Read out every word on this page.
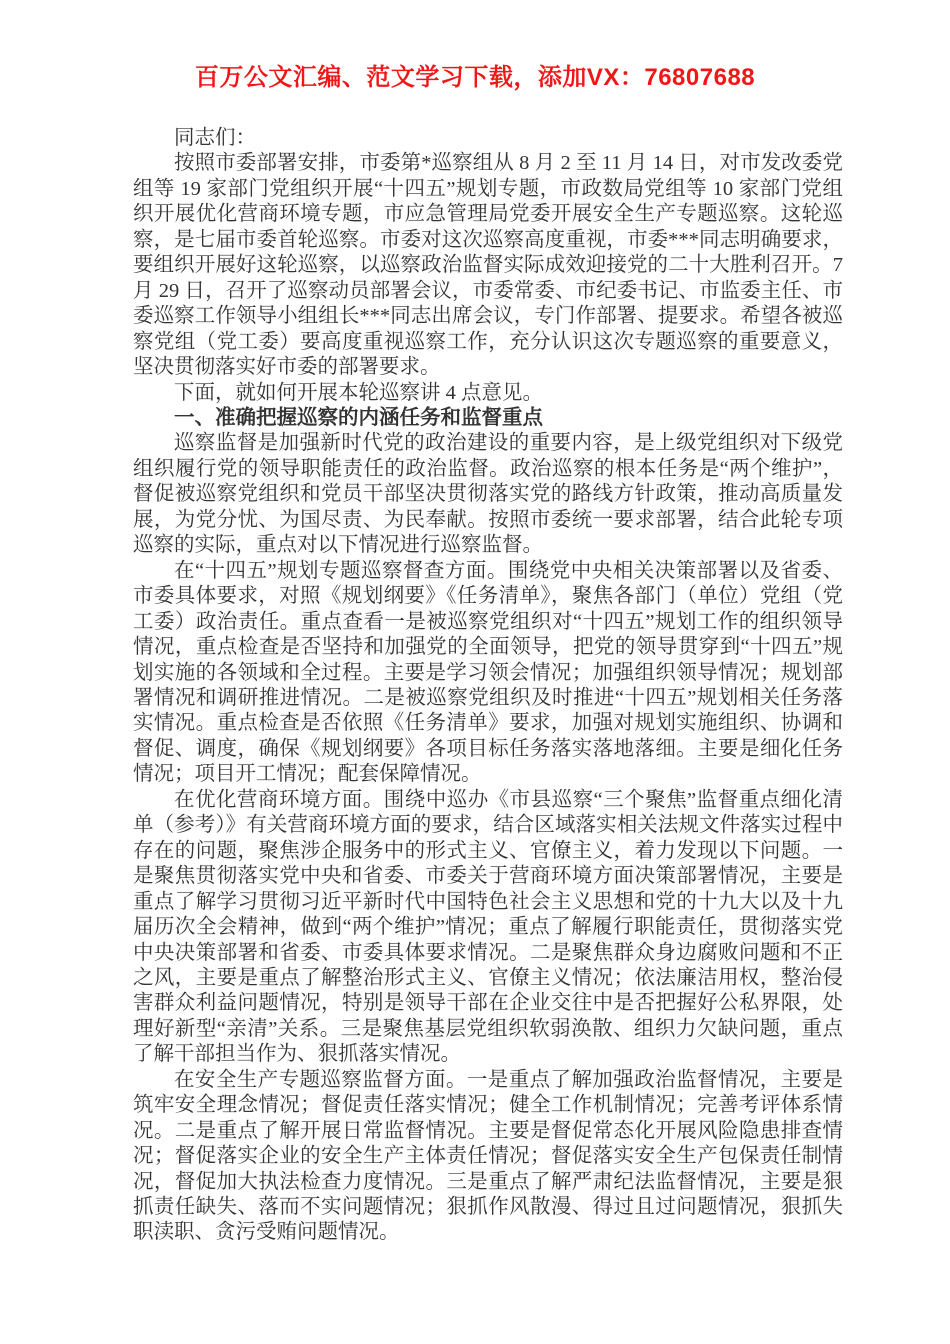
百万公文汇编、范文学习下载，添加VX：76807688

同志们：

按照市委部署安排，市委第*巡察组从 8 月 2 至 11 月 14 日，对市发改委党组等 19 家部门党组织开展“十四五”规划专题，市政数局党组等 10 家部门党组织开展优化营商环境专题，市应急管理局党委开展安全生产专题巡察。这轮巡察，是七届市委首轮巡察。市委对这次巡察高度重视，市委***同志明确要求，要组织开展好这轮巡察，以巡察政治监督实际成效迎接党的二十大胜利召开。7 月 29 日，召开了巡察动员部署会议，市委常委、市纪委书记、市监委主任、市委巡察工作领导小组组长***同志出席会议，专门作部署、提要求。希望各被巡察党组（党工委）要高度重视巡察工作，充分认识这次专题巡察的重要意义，坚决贯彻落实好市委的部署要求。

下面，就如何开展本轮巡察讲 4 点意见。

一、准确把握巡察的内涵任务和监督重点

巡察监督是加强新时代党的政治建设的重要内容，是上级党组织对下级党组织履行党的领导职能责任的政治监督。政治巡察的根本任务是“两个维护”，督促被巡察党组织和党员干部坚决贯彻落实党的路线方针政策，推动高质量发展，为党分忧、为国尽责、为民奉献。按照市委统一要求部署，结合此轮专项巡察的实际，重点对以下情况进行巡察监督。

在“十四五”规划专题巡察督查方面。围绕党中央相关决策部署以及省委、市委具体要求，对照《规划纲要》《任务清单》，聚焦各部门（单位）党组（党工委）政治责任。重点查看一是被巡察党组织对“十四五”规划工作的组织领导情况，重点检查是否坚持和加强党的全面领导，把党的领导贯穿到“十四五”规划实施的各领域和全过程。主要是学习领会情况；加强组织领导情况；规划部署情况和调研推进情况。二是被巡察党组织及时推进“十四五”规划相关任务落实情况。重点检查是否依照《任务清单》要求，加强对规划实施组织、协调和督促、调度，确保《规划纲要》各项目标任务落实落地落细。主要是细化任务情况；项目开工情况；配套保障情况。

在优化营商环境方面。围绕中巡办《市县巡察“三个聚焦”监督重点细化清单（参考）》有关营商环境方面的要求，结合区域落实相关法规文件落实过程中存在的问题，聚焦涉企服务中的形式主义、官僚主义，着力发现以下问题。一是聚焦贯彻落实党中央和省委、市委关于营商环境方面决策部署情况，主要是重点了解学习贯彻习近平新时代中国特色社会主义思想和党的十九大以及十九届历次全会精神，做到“两个维护”情况；重点了解履行职能责任，贯彻落实党中央决策部署和省委、市委具体要求情况。二是聚焦群众身边腐败问题和不正之风，主要是重点了解整治形式主义、官僚主义情况；依法廉洁用权，整治侵害群众利益问题情况，特别是领导干部在企业交往中是否把握好公私界限，处理好新型“亲清”关系。三是聚焦基层党组织软弱涣散、组织力欠缺问题，重点了解干部担当作为、狠抓落实情况。

在安全生产专题巡察监督方面。一是重点了解加强政治监督情况，主要是筑牢安全理念情况；督促责任落实情况；健全工作机制情况；完善考评体系情况。二是重点了解开展日常监督情况。主要是督促常态化开展风险隐患排查情况；督促落实企业的安全生产主体责任情况；督促落实安全生产包保责任制情况，督促加大执法检查力度情况。三是重点了解严肃纪法监督情况，主要是狠抓责任缺失、落而不实问题情况；狠抓作风散漫、得过且过问题情况，狠抓失职渎职、贪污受贿问题情况。
